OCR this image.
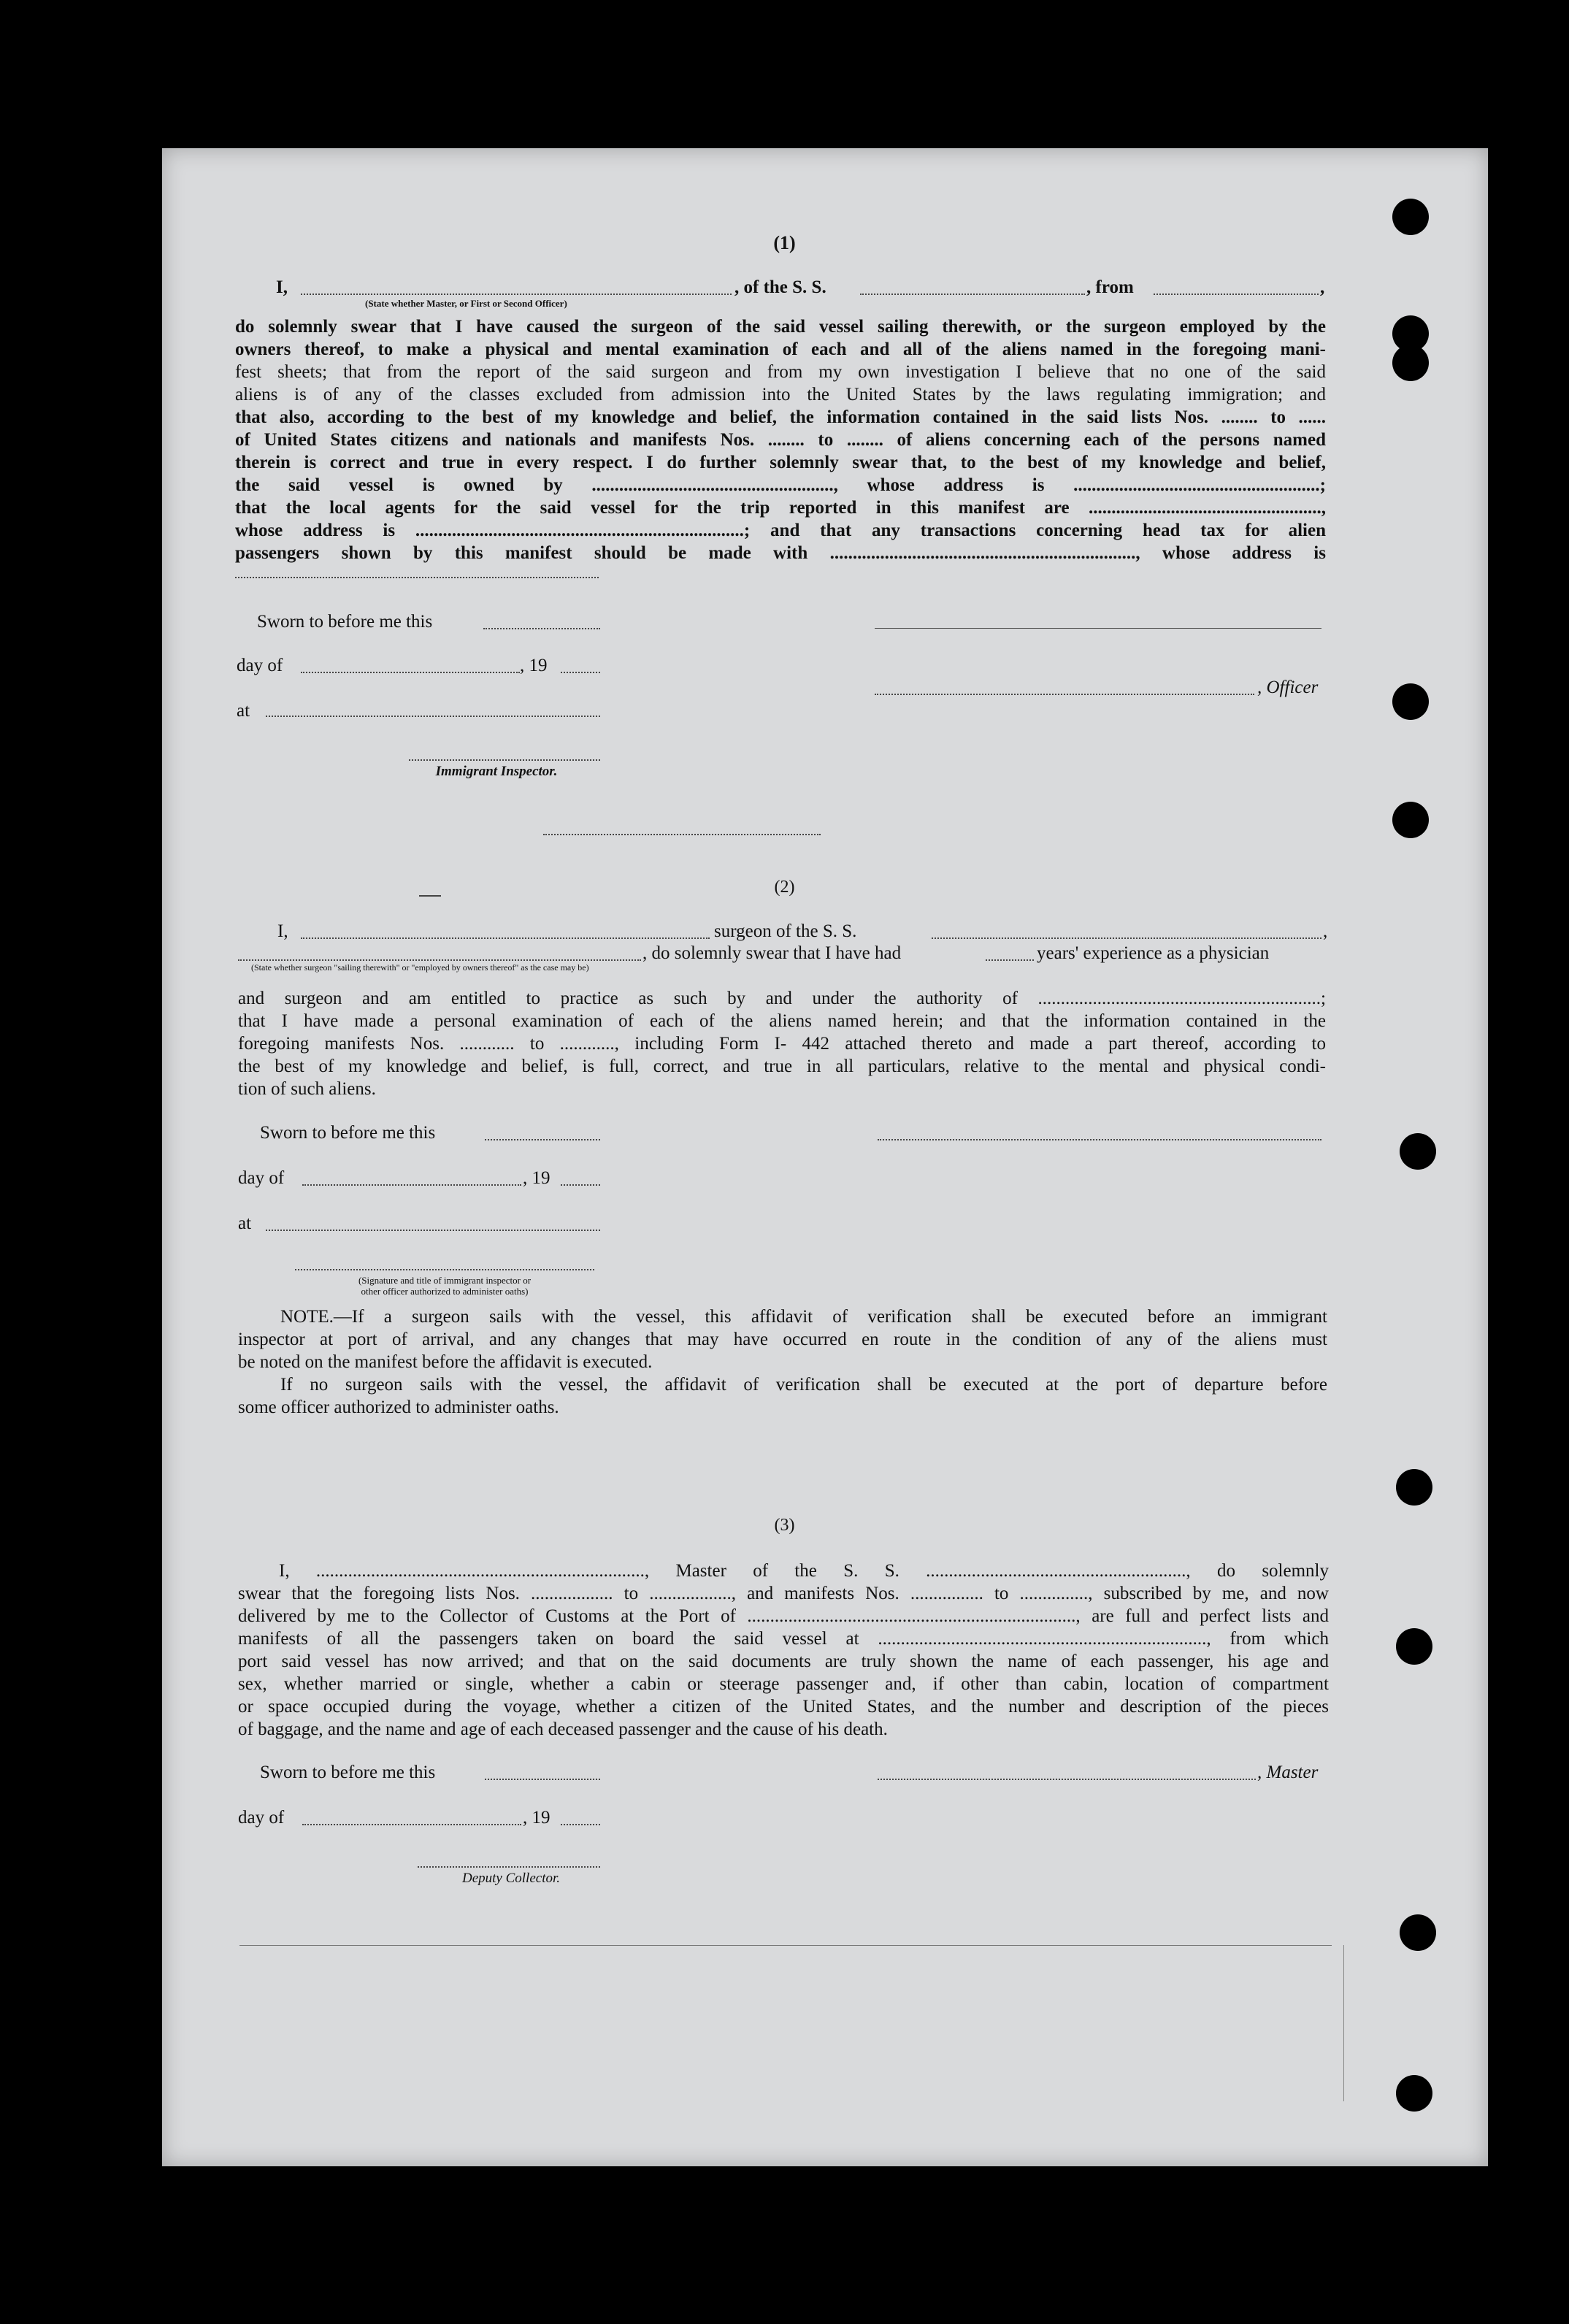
(1)
I,	, of the S. S.	, from	,
(State whether Master, or First or Second Officer)
do solemnly swear that I have caused the surgeon of the said vessel sailing therewith, or the surgeon employed by the
owners thereof, to make a physical and mental examination of each and all of the aliens named in the foregoing mani-
fest sheets; that from the report of the said surgeon and from my own investigation I believe that no one of the said
aliens is of any of the classes excluded from admission into the United States by the laws regulating immigration; and
that also, according to the best of my knowledge and belief, the information contained in the said lists Nos. ........ to ......
of United States citizens and nationals and manifests Nos. ........ to ........ of aliens concerning each of the persons named
therein is correct and true in every respect. I do further solemnly swear that, to the best of my knowledge and belief,
the said vessel is owned by ....................................................., whose address is ......................................................;
that the local agents for the said vessel for the trip reported in this manifest are ...................................................,
whose address is ........................................................................; and that any transactions concerning head tax for alien
passengers shown by this manifest should be made with ..................................................................., whose address is
Sworn to before me this
day of	, 19
, Officer
at
Immigrant Inspector.
(2)
I,	surgeon of the S. S.	,
, do solemnly swear that I have had	years' experience as a physician
(State whether surgeon "sailing therewith" or "employed by owners thereof" as the case may be)
and surgeon and am entitled to practice as such by and under the authority of ..............................................................;
that I have made a personal examination of each of the aliens named herein; and that the information contained in the
foregoing manifests Nos. ............ to ............, including Form I- 442 attached thereto and made a part thereof, according to
the best of my knowledge and belief, is full, correct, and true in all particulars, relative to the mental and physical condi-
tion of such aliens.
Sworn to before me this
day of	, 19
at
(Signature and title of immigrant inspector or
other officer authorized to administer oaths)
NOTE.—If a surgeon sails with the vessel, this affidavit of verification shall be executed before an immigrant
inspector at port of arrival, and any changes that may have occurred en route in the condition of any of the aliens must
be noted on the manifest before the affidavit is executed.
If no surgeon sails with the vessel, the affidavit of verification shall be executed at the port of departure before
some officer authorized to administer oaths.
(3)
I, ........................................................................, Master of the S. S. ........................................................., do solemnly
swear that the foregoing lists Nos. .................. to .................., and manifests Nos. ................ to ..............., subscribed by me, and now
delivered by me to the Collector of Customs at the Port of ........................................................................, are full and perfect lists and
manifests of all the passengers taken on board the said vessel at ........................................................................, from which
port said vessel has now arrived; and that on the said documents are truly shown the name of each passenger, his age and
sex, whether married or single, whether a cabin or steerage passenger and, if other than cabin, location of compartment
or space occupied during the voyage, whether a citizen of the United States, and the number and description of the pieces
of baggage, and the name and age of each deceased passenger and the cause of his death.
Sworn to before me this	, Master
day of	, 19
Deputy Collector.
